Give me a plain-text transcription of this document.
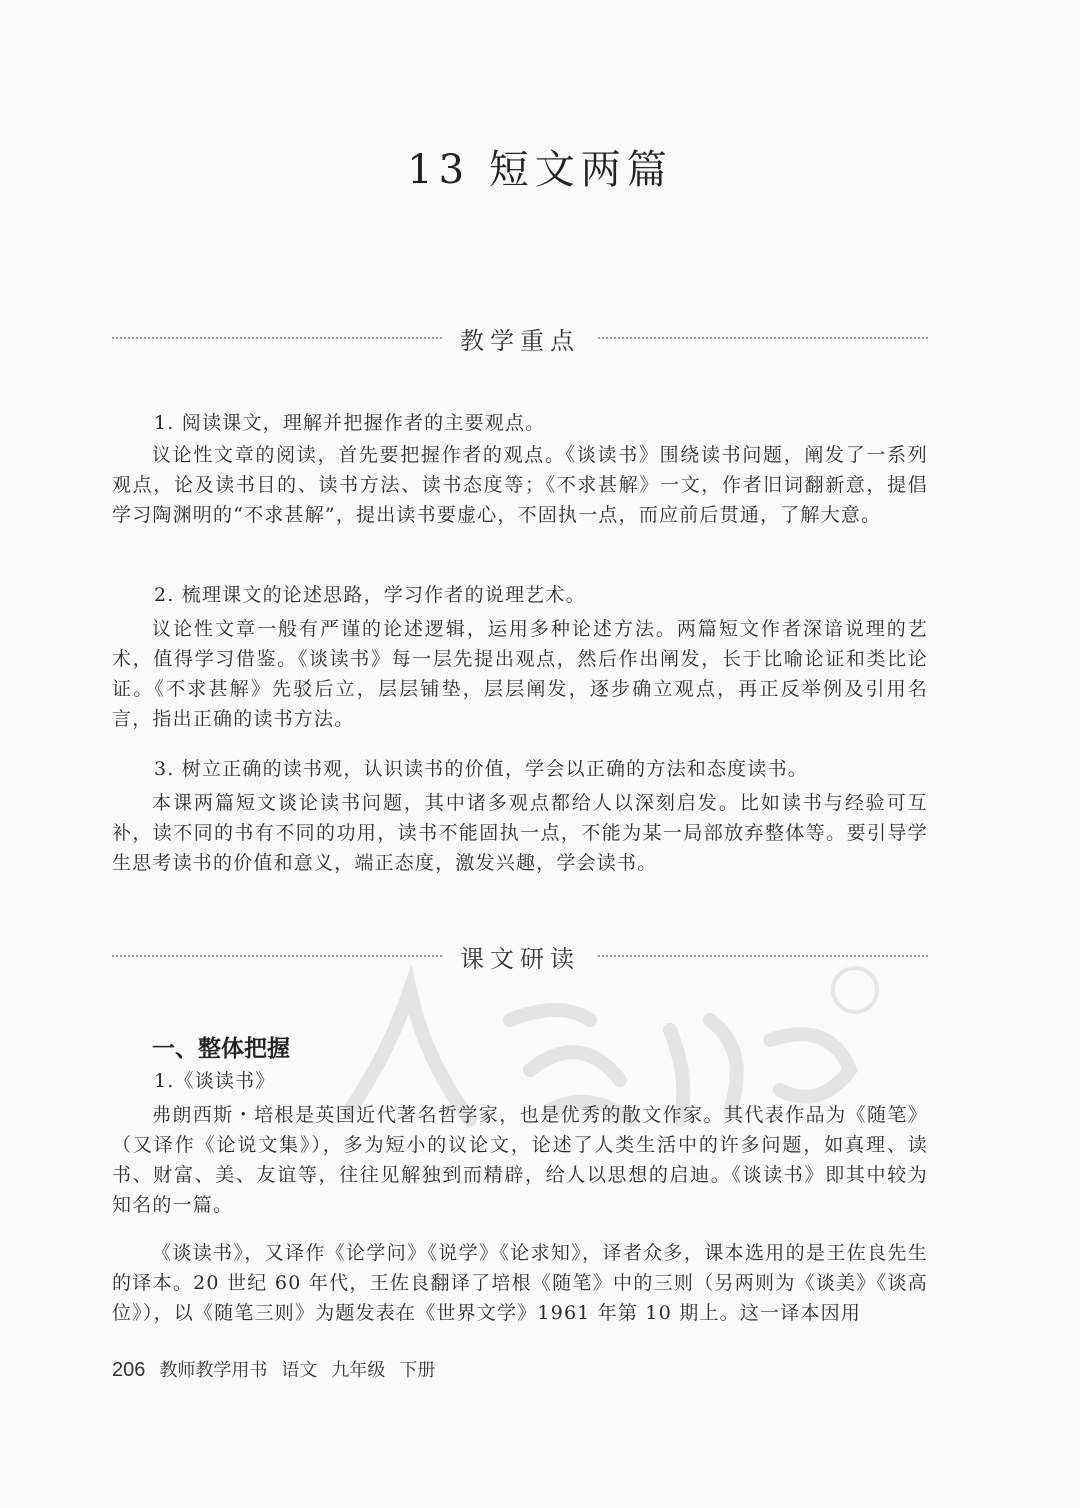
13 短文两篇
教学重点

1. 阅读课文，理解并把握作者的主要观点。

议论性文章的阅读，首先要把握作者的观点。《谈读书》围绕读书问题，阐发了一系列观点，论及读书目的、读书方法、读书态度等；《不求甚解》一文，作者旧词翻新意，提倡学习陶渊明的“不求甚解”，提出读书要虚心，不固执一点，而应前后贯通，了解大意。

2. 梳理课文的论述思路，学习作者的说理艺术。

议论性文章一般有严谨的论述逻辑，运用多种论述方法。两篇短文作者深谙说理的艺术，值得学习借鉴。《谈读书》每一层先提出观点，然后作出阐发，长于比喻论证和类比论证。《不求甚解》先驳后立，层层铺垫，层层阐发，逐步确立观点，再正反举例及引用名言，指出正确的读书方法。

3. 树立正确的读书观，认识读书的价值，学会以正确的方法和态度读书。

本课两篇短文谈论读书问题，其中诸多观点都给人以深刻启发。比如读书与经验可互补，读不同的书有不同的功用，读书不能固执一点，不能为某一局部放弃整体等。要引导学生思考读书的价值和意义，端正态度，激发兴趣，学会读书。

课文研读
一、整体把握

1.《谈读书》

弗朗西斯・培根是英国近代著名哲学家，也是优秀的散文作家。其代表作品为《随笔》（又译作《论说文集》），多为短小的议论文，论述了人类生活中的许多问题，如真理、读书、财富、美、友谊等，往往见解独到而精辟，给人以思想的启迪。《谈读书》即其中较为知名的一篇。

《谈读书》，又译作《论学问》《说学》《论求知》，译者众多，课本选用的是王佐良先生的译本。20 世纪 60 年代，王佐良翻译了培根《随笔》中的三则（另两则为《谈美》《谈高位》），以《随笔三则》为题发表在《世界文学》1961 年第 10 期上。这一译本因用

206 教师教学用书 语文 九年级 下册
